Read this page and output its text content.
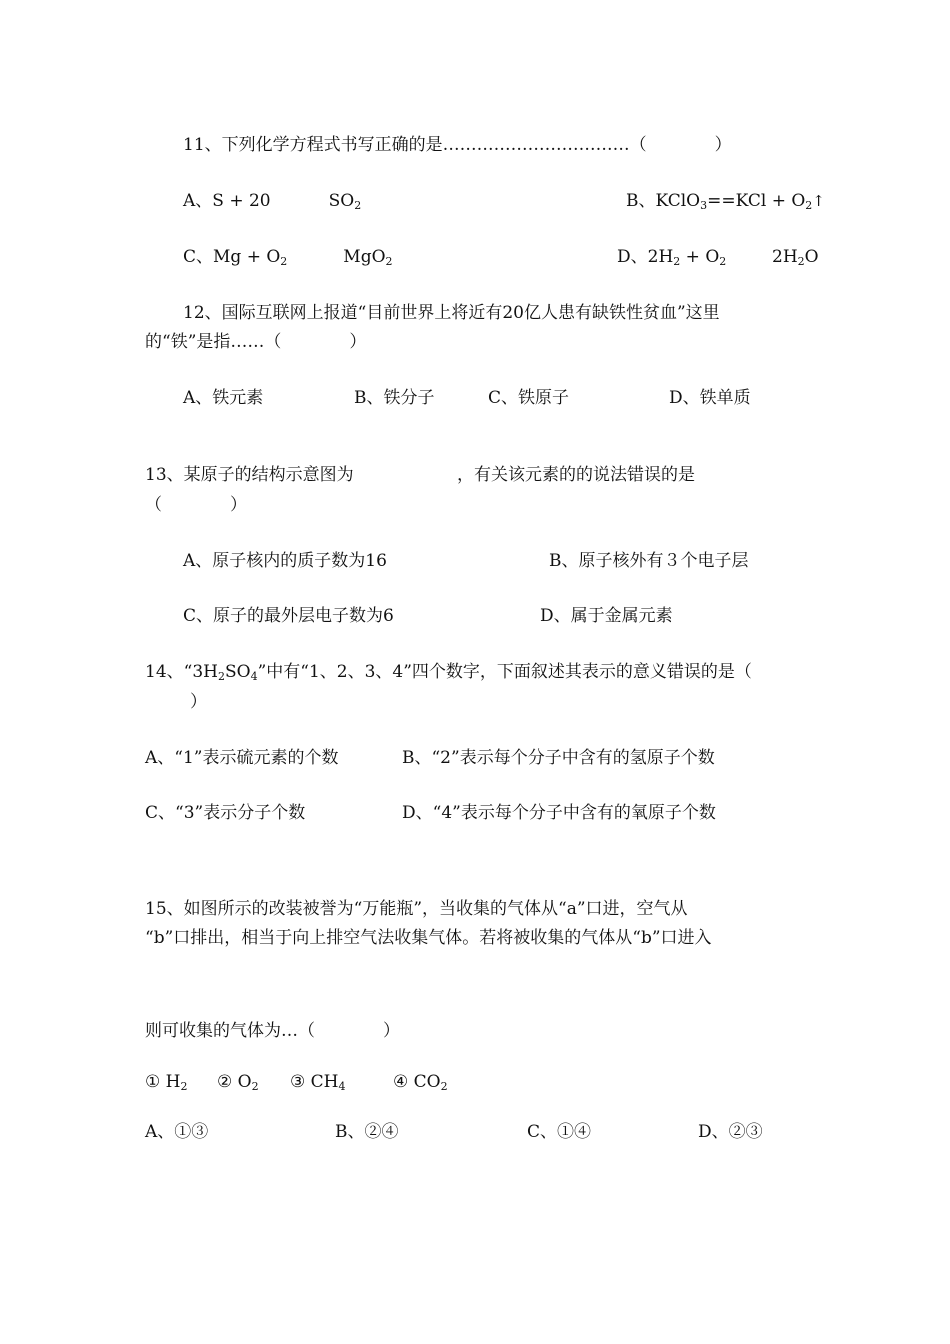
11、下列化学方程式书写正确的是……………………………（　　　　）
A、S + 20	$SO_2$	B、KClO$_3$==KCl + $O_2↑$
C、$Mg + O_2$	MgO$_2$	D、$2H_2 + O_2$	$2H_2O$
12、国际互联网上报道“目前世界上将近有20亿人患有缺铁性贫血”这里
的“铁”是指……（　　　　）
A、铁元素	B、铁分子	C、铁原子	D、铁单质
13、某原子的结构示意图为	，有关该元素的的说法错误的是
（　　　　）
A、原子核内的质子数为16	B、原子核外有３个电子层
C、原子的最外层电子数为6	D、属于金属元素
14、“$3H_2SO_4$”中有“1、2、3、4”四个数字，下面叙述其表示的意义错误的是（
）
A、“1”表示硫元素的个数	B、“2”表示每个分子中含有的氢原子个数
C、“3”表示分子个数	D、“4”表示每个分子中含有的氧原子个数
15、如图所示的改装被誉为“万能瓶”，当收集的气体从“a”口进，空气从
“b”口排出，相当于向上排空气法收集气体。若将被收集的气体从“b”口进入
则可收集的气体为…（　　　　）
① $H_2$ ② $O_2$ ③ $CH_4$	④ $CO_2$
A、①③	B、②④	C、①④	D、②③
